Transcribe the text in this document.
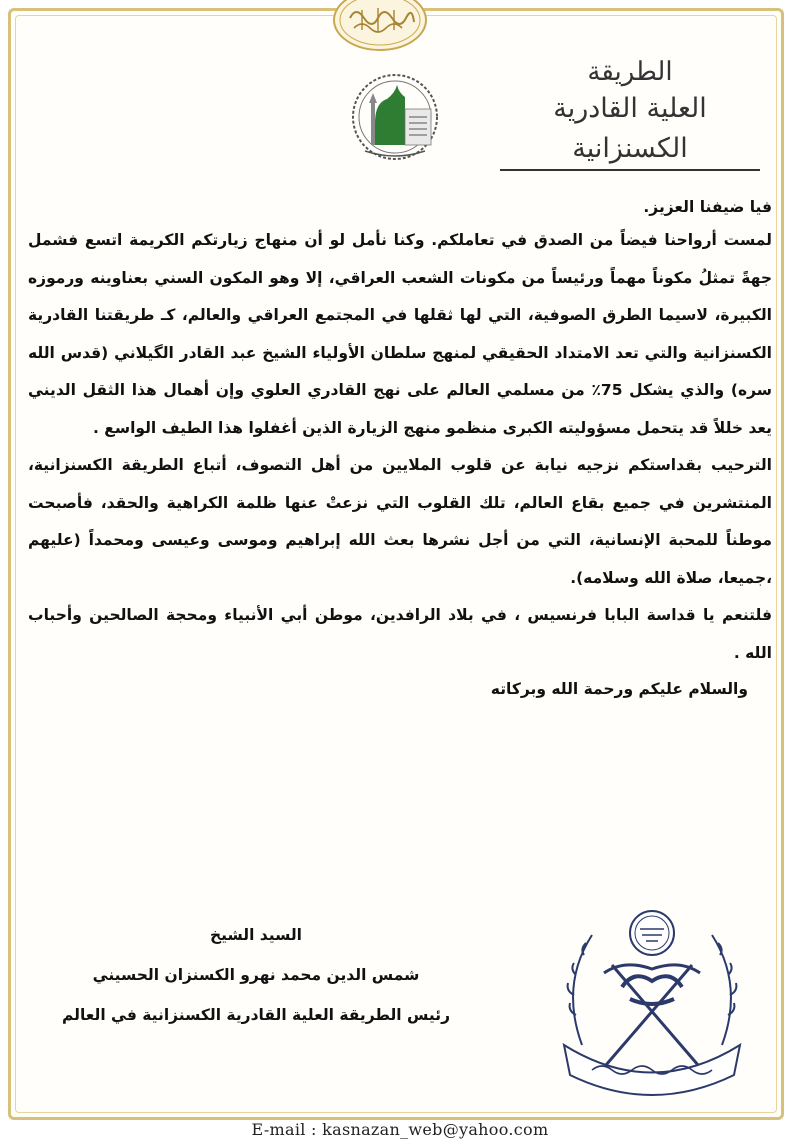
الطريقة
العلية القادرية الكسنزانية

فيا ضيفنا العزيز.

لمست أرواحنا فيضاً من الصدق في تعاملكم. وكنا نأمل لو أن منهاج زيارتكم الكريمة اتسع فشمل جهةً تمثلُ مكوناً مهماً ورئيساً من مكونات الشعب العراقي، إلا وهو المكون السني بعناوينه ورموزه الكبيرة، لاسيما الطرق الصوفية، التي لها ثقلها في المجتمع العراقي والعالم، كـ طريقتنا القادرية الكسنزانية والتي تعد الامتداد الحقيقي لمنهج سلطان الأولياء الشيخ عبد القادر الگيلاني (قدس الله سره) والذي يشكل 75٪ من مسلمي العالم على نهج القادري العلوي وإن أهمال هذا الثقل الديني يعد خللاً قد يتحمل مسؤوليته الكبرى منظمو منهج الزيارة الذين أغفلوا هذا الطيف الواسع .

الترحيب بقداستكم نزجيه نيابة عن قلوب الملايين من أهل التصوف، أتباع الطريقة الكسنزانية، المنتشرين في جميع بقاع العالم، تلك القلوب التي نزعتْ عنها ظلمة الكراهية والحقد، فأصبحت موطناً للمحبة الإنسانية، التي من أجل نشرها بعث الله إبراهيم وموسى وعيسى ومحمداً (عليهم ،جميعا، صلاة الله وسلامه).

فلتنعم يا قداسة البابا فرنسيس ، في بلاد الرافدين، موطن أبي الأنبياء ومحجة الصالحين وأحباب الله .

والسلام عليكم ورحمة الله وبركاته

السيد الشيخ
شمس الدين محمد نهرو الكسنزان الحسيني
رئيس الطريقة العلية القادرية الكسنزانية في العالم
E-mail : kasnazan_web@yahoo.com
